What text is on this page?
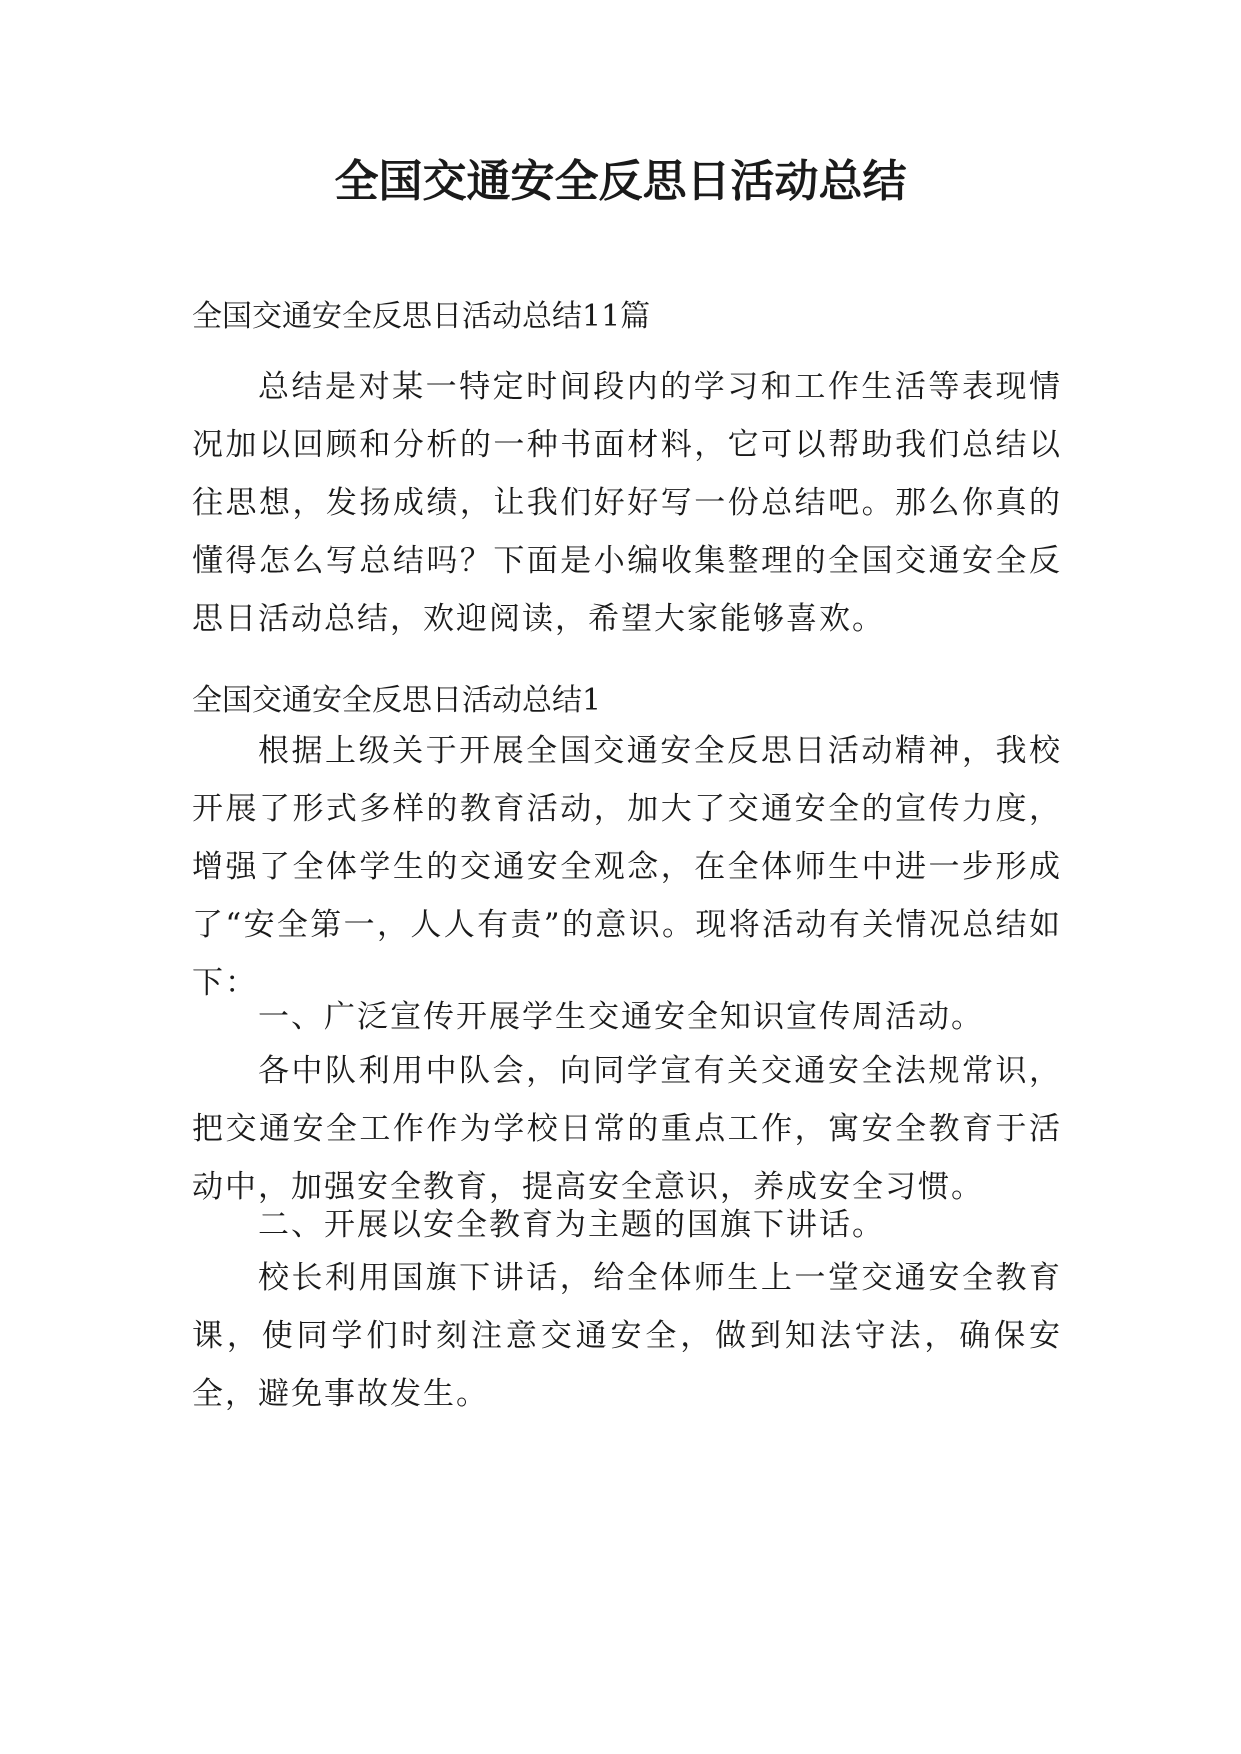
全国交通安全反思日活动总结

全国交通安全反思日活动总结11篇

总结是对某一特定时间段内的学习和工作生活等表现情况加以回顾和分析的一种书面材料，它可以帮助我们总结以往思想，发扬成绩，让我们好好写一份总结吧。那么你真的懂得怎么写总结吗？下面是小编收集整理的全国交通安全反思日活动总结，欢迎阅读，希望大家能够喜欢。

全国交通安全反思日活动总结1

根据上级关于开展全国交通安全反思日活动精神，我校开展了形式多样的教育活动，加大了交通安全的宣传力度，增强了全体学生的交通安全观念，在全体师生中进一步形成了“安全第一，人人有责”的意识。现将活动有关情况总结如下：

一、广泛宣传开展学生交通安全知识宣传周活动。

各中队利用中队会，向同学宣有关交通安全法规常识，把交通安全工作作为学校日常的重点工作，寓安全教育于活动中，加强安全教育，提高安全意识，养成安全习惯。

二、开展以安全教育为主题的国旗下讲话。

校长利用国旗下讲话，给全体师生上一堂交通安全教育课，使同学们时刻注意交通安全，做到知法守法，确保安全，避免事故发生。
